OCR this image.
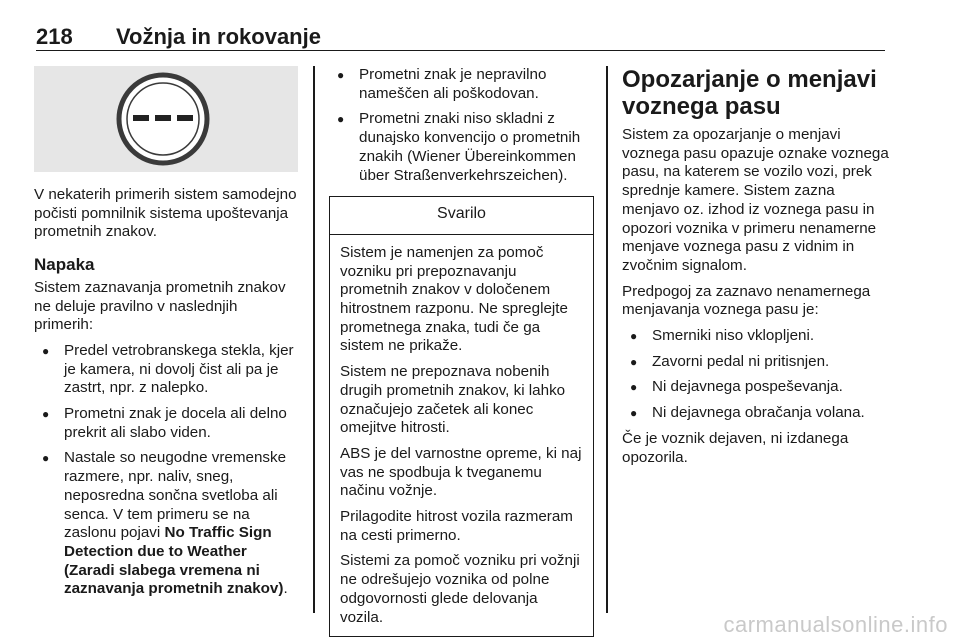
218 Vožnja in rokovanje

V nekaterih primerih sistem samodejno počisti pomnilnik sistema upoštevanja prometnih znakov.

Napaka

Sistem zaznavanja prometnih znakov ne deluje pravilno v naslednjih primerih:

● Predel vetrobranskega stekla, kjer je kamera, ni dovolj čist ali pa je zastrt, npr. z nalepko.
● Prometni znak je docela ali delno prekrit ali slabo viden.
● Nastale so neugodne vremenske razmere, npr. naliv, sneg, neposredna sončna svetloba ali senca. V tem primeru se na zaslonu pojavi No Traffic Sign Detection due to Weather (Zaradi slabega vremena ni zaznavanja prometnih znakov).
● Prometni znak je nepravilno nameščen ali poškodovan.
● Prometni znaki niso skladni z dunajsko konvencijo o prometnih znakih (Wiener Übereinkommen über Straßenverkehrszeichen).
Svarilo

Sistem je namenjen za pomoč vozniku pri prepoznavanju prometnih znakov v določenem hitrostnem razponu. Ne spreglejte prometnega znaka, tudi če ga sistem ne prikaže.

Sistem ne prepoznava nobenih drugih prometnih znakov, ki lahko označujejo začetek ali konec omejitve hitrosti.

ABS je del varnostne opreme, ki naj vas ne spodbuja k tveganemu načinu vožnje.

Prilagodite hitrost vozila razmeram na cesti primerno.

Sistemi za pomoč vozniku pri vožnji ne odrešujejo voznika od polne odgovornosti glede delovanja vozila.

Opozarjanje o menjavi voznega pasu

Sistem za opozarjanje o menjavi voznega pasu opazuje oznake voznega pasu, na katerem se vozilo vozi, prek sprednje kamere. Sistem zazna menjavo oz. izhod iz voznega pasu in opozori voznika v primeru nenamerne menjave voznega pasu z vidnim in zvočnim signalom.

Predpogoj za zaznavo nenamernega menjavanja voznega pasu je:

● Smerniki niso vklopljeni.
● Zavorni pedal ni pritisnjen.
● Ni dejavnega pospeševanja.
● Ni dejavnega obračanja volana.

Če je voznik dejaven, ni izdanega opozorila.

carmanualsonline.info
